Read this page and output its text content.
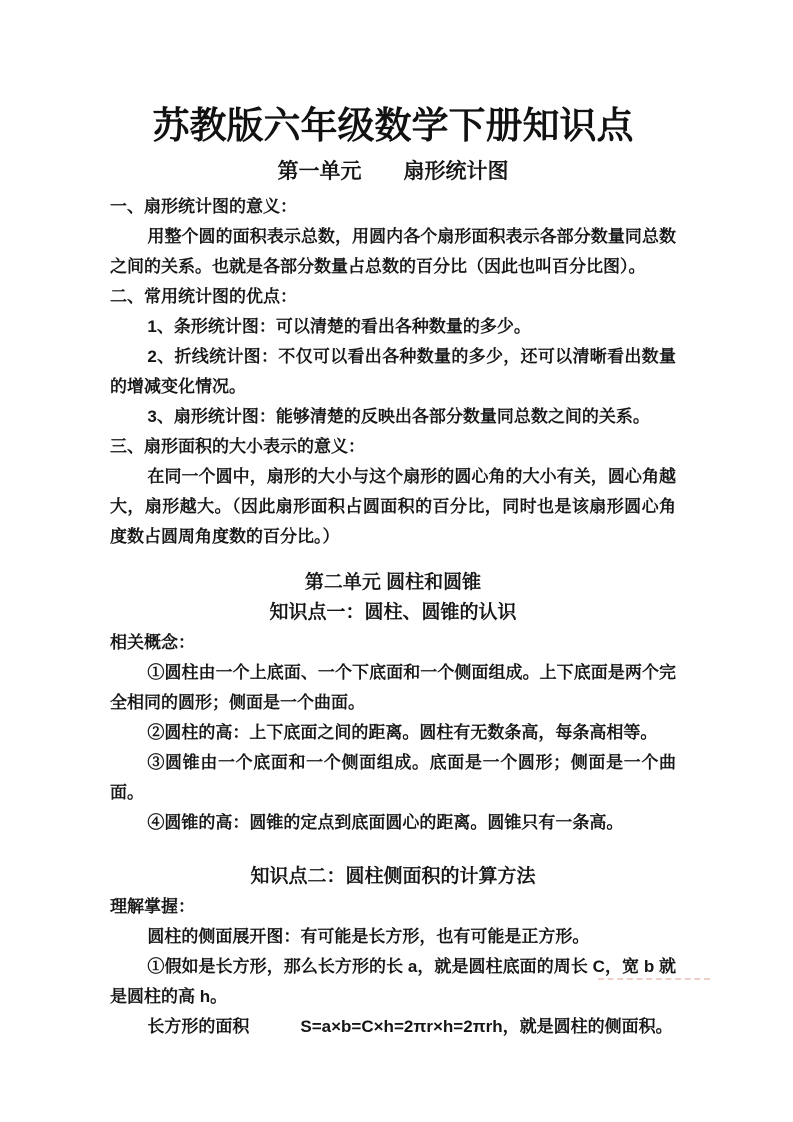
苏教版六年级数学下册知识点
第一单元　　扇形统计图

一、扇形统计图的意义：

用整个圆的面积表示总数，用圆内各个扇形面积表示各部分数量同总数之间的关系。也就是各部分数量占总数的百分比（因此也叫百分比图）。

二、常用统计图的优点：

1、条形统计图：可以清楚的看出各种数量的多少。

2、折线统计图：不仅可以看出各种数量的多少，还可以清晰看出数量的增减变化情况。

3、扇形统计图：能够清楚的反映出各部分数量同总数之间的关系。

三、扇形面积的大小表示的意义：

在同一个圆中，扇形的大小与这个扇形的圆心角的大小有关，圆心角越大，扇形越大。（因此扇形面积占圆面积的百分比，同时也是该扇形圆心角度数占圆周角度数的百分比。）

第二单元 圆柱和圆锥

知识点一：圆柱、圆锥的认识

相关概念：

①圆柱由一个上底面、一个下底面和一个侧面组成。上下底面是两个完全相同的圆形；侧面是一个曲面。

②圆柱的高：上下底面之间的距离。圆柱有无数条高，每条高相等。

③圆锥由一个底面和一个侧面组成。底面是一个圆形；侧面是一个曲面。

④圆锥的高：圆锥的定点到底面圆心的距离。圆锥只有一条高。

知识点二：圆柱侧面积的计算方法

理解掌握：

圆柱的侧面展开图：有可能是长方形，也有可能是正方形。

①假如是长方形，那么长方形的长 a，就是圆柱底面的周长 C，宽 b 就是圆柱的高 h。

长方形的面积　　　S=a×b=C×h=2πr×h=2πrh，就是圆柱的侧面积。
